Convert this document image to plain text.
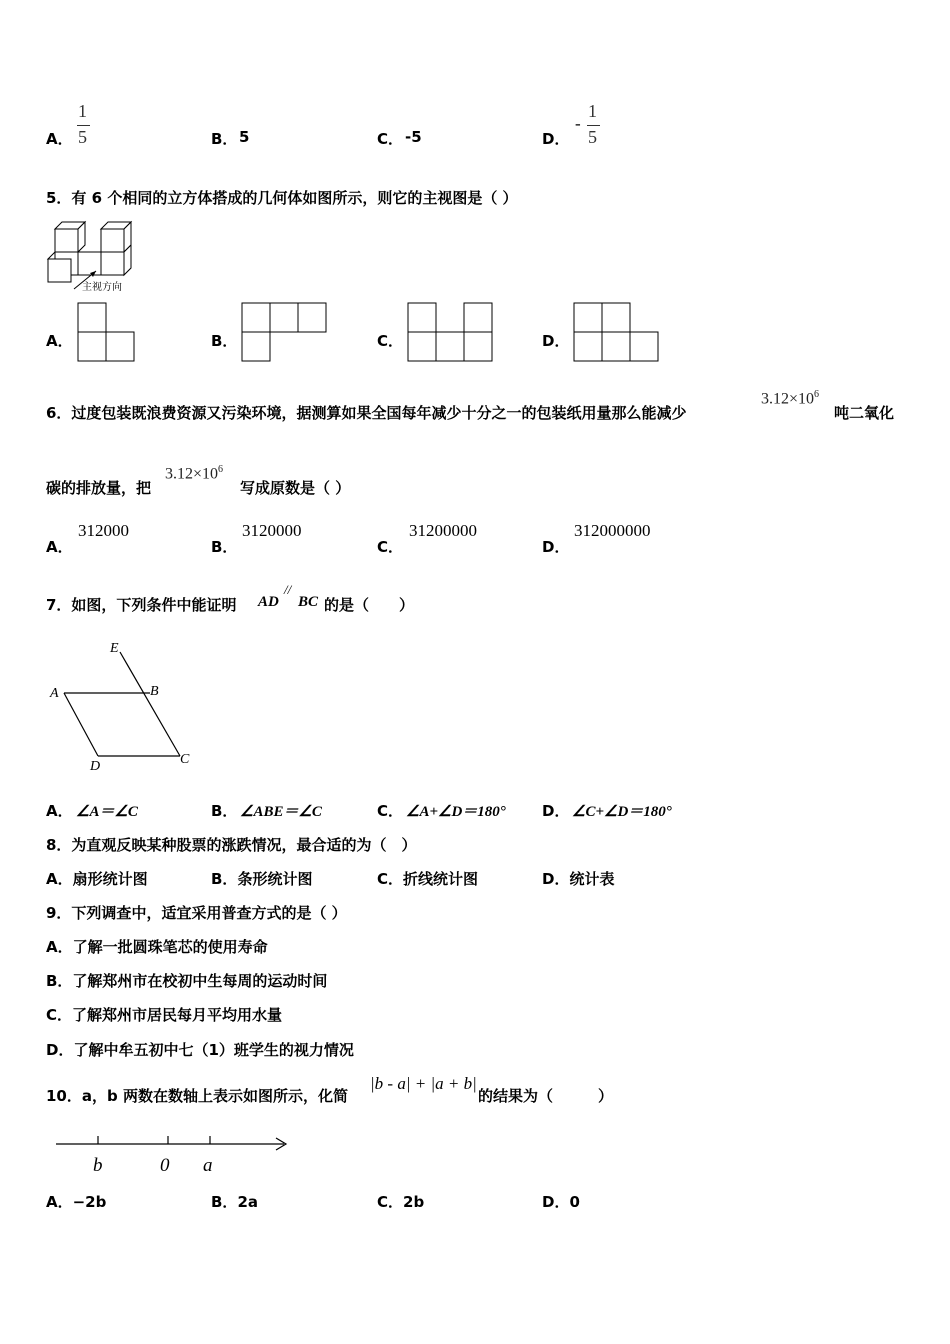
A．
1
5	B． 5	C． -5	D．
-
1
5
5．有 6 个相同的立方体搭成的几何体如图所示，则它的主视图是（ ）
主视方向
A．	B．	C．	D．
6．过度包装既浪费资源又污染环境，据测算如果全国每年减少十分之一的包装纸用量那么能减少
$3.12\times 10^6$
吨二氧化
碳的排放量，把
$3.12\times 10^6$
写成原数是（ ）
A．
312000
B．
3120000
C．
31200000
D．
312000000
7．如图，下列条件中能证明 AD
//
BC 的是（　　）
E
A	B
D	C
A． ∠A＝∠C	B． ∠ABE＝∠C	C． ∠A+∠D＝180° D． ∠C+∠D＝180°
8．为直观反映某种股票的涨跌情况，最合适的为（　）
A．扇形统计图	B．条形统计图	C．折线统计图	D．统计表
9．下列调查中，适宜采用普查方式的是（ ）
A．了解一批圆珠笔芯的使用寿命
B．了解郑州市在校初中生每周的运动时间
C．了解郑州市居民每月平均用水量
D．了解中牟五初中七（1）班学生的视力情况
10．a，b 两数在数轴上表示如图所示，化简
|b - a| + |a + b|
的结果为（　　　）
b	0 a
A．−2b	B．2a	C．2b	D．0
